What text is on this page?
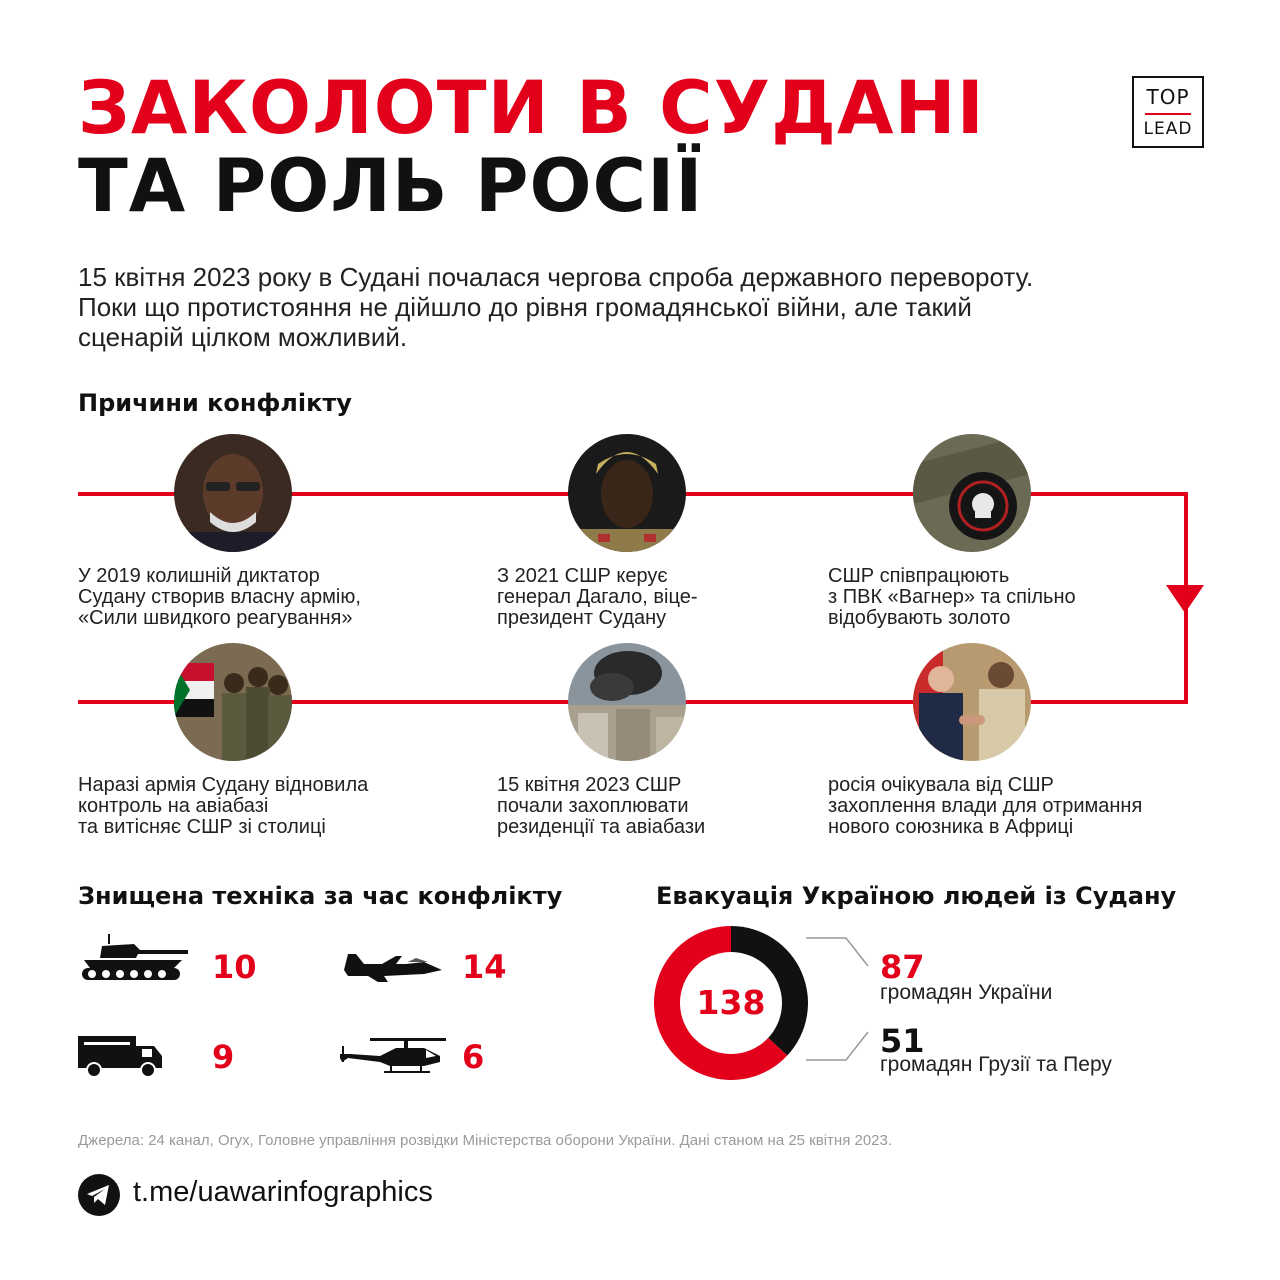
ЗАКОЛОТИ В СУДАНІ
ТА РОЛЬ РОСІЇ
TOP
LEAD
15 квітня 2023 року в Судані почалася чергова спроба державного перевороту. Поки що протистояння не дійшло до рівня громадянської війни, але такий сценарій цілком можливий.
Причини конфлікту
У 2019 колишній диктатор
Судану створив власну армію,
«Сили швидкого реагування»
З 2021 СШР керує
генерал Дагало, віце-
президент Судану
СШР співпрацюють
з ПВК «Вагнер» та спільно
відобувають золото
Наразі армія Судану відновила
контроль на авіабазі
та витісняє СШР зі столиці
15 квітня 2023 СШР
почали захоплювати
резиденції та авіабази
росія очікувала від СШР
захоплення влади для отримання
нового союзника в Африці
Знищена техніка за час конфлікту
10	14
9	6
Евакуація Україною людей із Судану
138
87
громадян України
51
громадян Грузії та Перу
Джерела: 24 канал, Oryx, Головне управління розвідки Міністерства оборони України. Дані станом на 25 квітня 2023.
t.me/uawarinfographics
